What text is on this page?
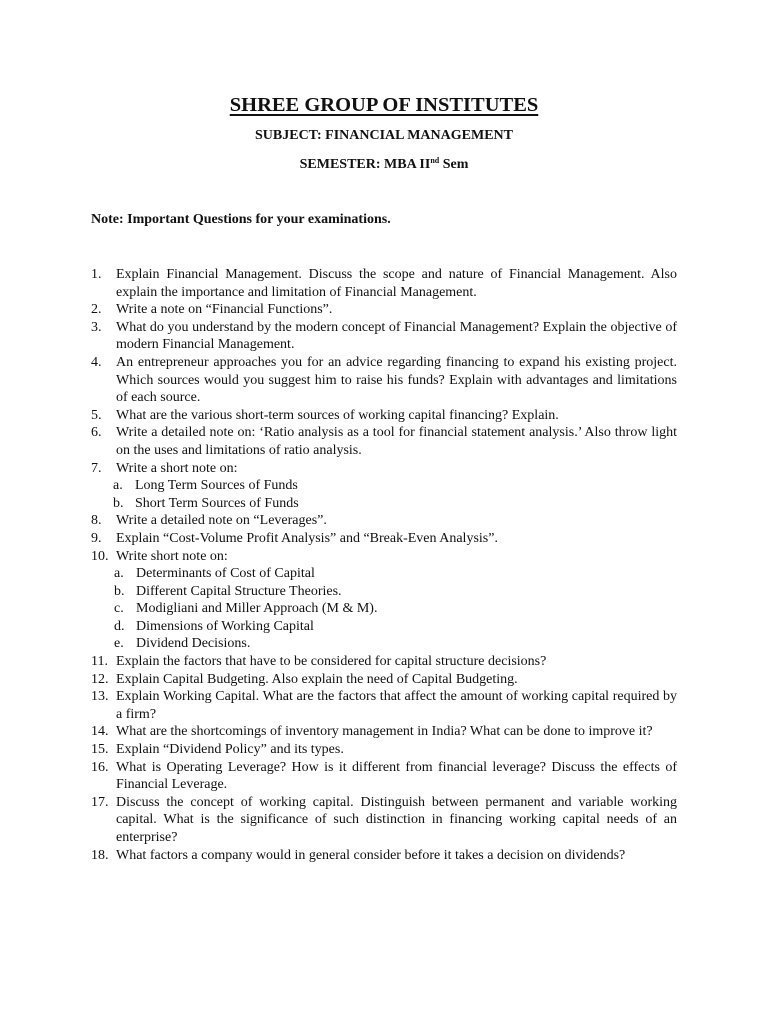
SHREE GROUP OF INSTITUTES
SUBJECT: FINANCIAL MANAGEMENT
SEMESTER: MBA IInd Sem
Note: Important Questions for your examinations.
1. Explain Financial Management. Discuss the scope and nature of Financial Management. Also explain the importance and limitation of Financial Management.
2. Write a note on “Financial Functions”.
3. What do you understand by the modern concept of Financial Management? Explain the objective of modern Financial Management.
4. An entrepreneur approaches you for an advice regarding financing to expand his existing project. Which sources would you suggest him to raise his funds? Explain with advantages and limitations of each source.
5. What are the various short-term sources of working capital financing? Explain.
6. Write a detailed note on: ‘Ratio analysis as a tool for financial statement analysis.’ Also throw light on the uses and limitations of ratio analysis.
7. Write a short note on:
a. Long Term Sources of Funds
b. Short Term Sources of Funds
8. Write a detailed note on “Leverages”.
9. Explain “Cost-Volume Profit Analysis” and “Break-Even Analysis”.
10. Write short note on:
a. Determinants of Cost of Capital
b. Different Capital Structure Theories.
c. Modigliani and Miller Approach (M & M).
d. Dimensions of Working Capital
e. Dividend Decisions.
11. Explain the factors that have to be considered for capital structure decisions?
12. Explain Capital Budgeting. Also explain the need of Capital Budgeting.
13. Explain Working Capital. What are the factors that affect the amount of working capital required by a firm?
14. What are the shortcomings of inventory management in India? What can be done to improve it?
15. Explain “Dividend Policy” and its types.
16. What is Operating Leverage? How is it different from financial leverage? Discuss the effects of Financial Leverage.
17. Discuss the concept of working capital. Distinguish between permanent and variable working capital. What is the significance of such distinction in financing working capital needs of an enterprise?
18. What factors a company would in general consider before it takes a decision on dividends?
